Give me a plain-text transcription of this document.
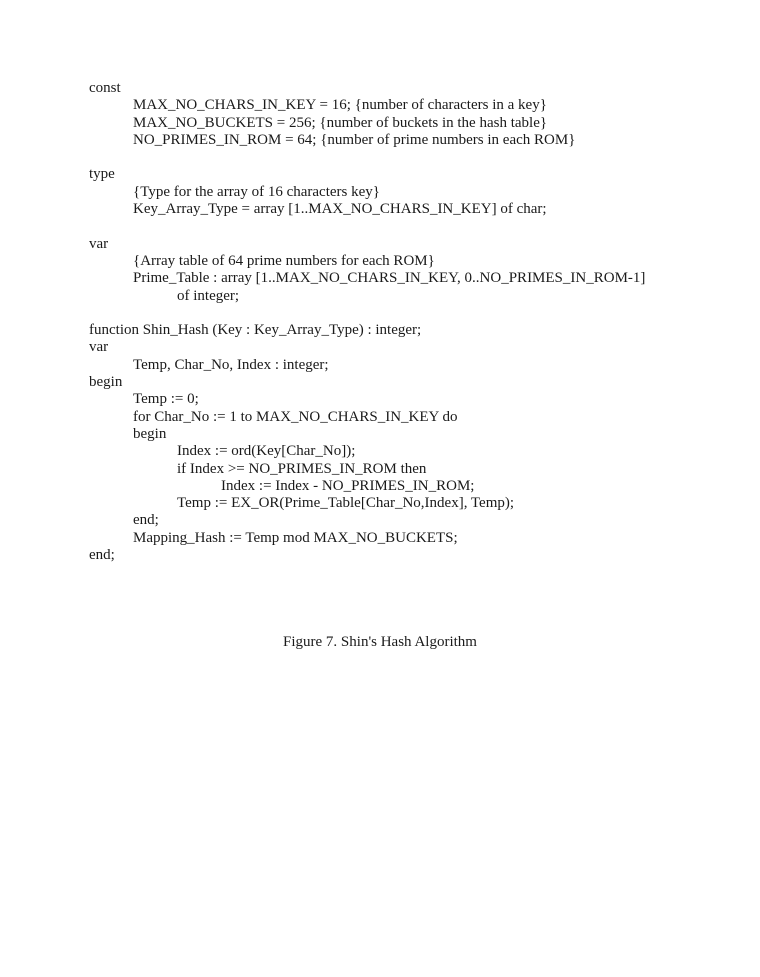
const
MAX_NO_CHARS_IN_KEY = 16; {number of characters in a key}
MAX_NO_BUCKETS = 256; {number of buckets in the hash table}
NO_PRIMES_IN_ROM = 64; {number of prime numbers in each ROM}
type
{Type for the array of 16 characters key}
Key_Array_Type = array [1..MAX_NO_CHARS_IN_KEY] of char;
var
{Array table of 64 prime numbers for each ROM}
Prime_Table : array [1..MAX_NO_CHARS_IN_KEY, 0..NO_PRIMES_IN_ROM-1]
of integer;
function Shin_Hash (Key : Key_Array_Type) : integer;
var
Temp, Char_No, Index : integer;
begin
Temp := 0;
for Char_No := 1 to MAX_NO_CHARS_IN_KEY do
begin
Index := ord(Key[Char_No]);
if Index >= NO_PRIMES_IN_ROM then
Index := Index - NO_PRIMES_IN_ROM;
Temp := EX_OR(Prime_Table[Char_No,Index], Temp);
end;
Mapping_Hash := Temp mod MAX_NO_BUCKETS;
end;
Figure 7. Shin's Hash Algorithm
